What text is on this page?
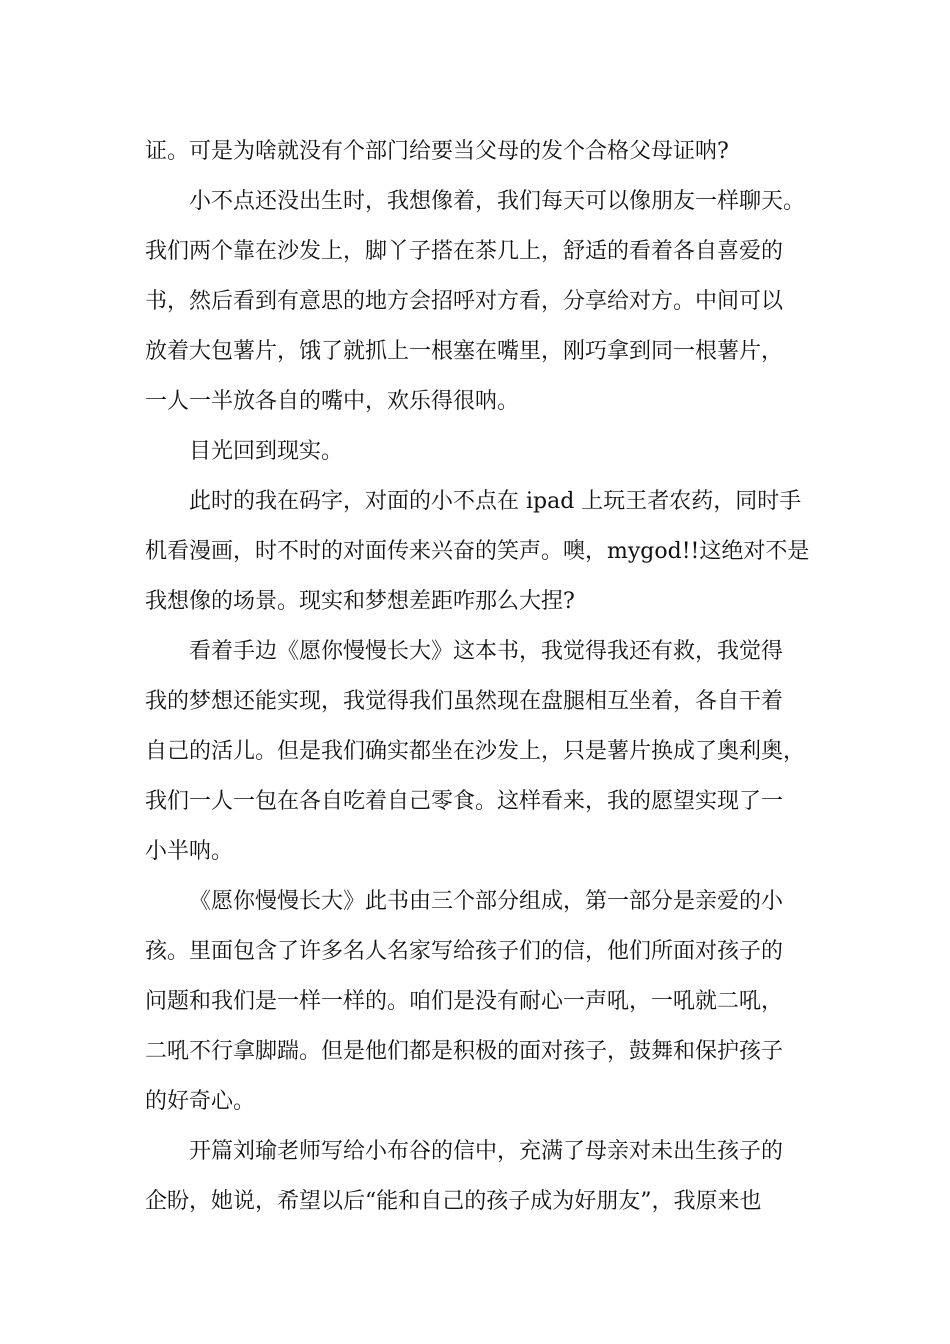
证。可是为啥就没有个部门给要当父母的发个合格父母证呐?
小不点还没出生时，我想像着，我们每天可以像朋友一样聊天。
我们两个靠在沙发上，脚丫子搭在茶几上，舒适的看着各自喜爱的
书，然后看到有意思的地方会招呼对方看，分享给对方。中间可以
放着大包薯片，饿了就抓上一根塞在嘴里，刚巧拿到同一根薯片，
一人一半放各自的嘴中，欢乐得很呐。
目光回到现实。
此时的我在码字，对面的小不点在 ipad 上玩王者农药，同时手
机看漫画，时不时的对面传来兴奋的笑声。噢，mygod!!这绝对不是
我想像的场景。现实和梦想差距咋那么大捏?
看着手边《愿你慢慢长大》这本书，我觉得我还有救，我觉得
我的梦想还能实现，我觉得我们虽然现在盘腿相互坐着，各自干着
自己的活儿。但是我们确实都坐在沙发上，只是薯片换成了奥利奥，
我们一人一包在各自吃着自己零食。这样看来，我的愿望实现了一
小半呐。
《愿你慢慢长大》此书由三个部分组成，第一部分是亲爱的小
孩。里面包含了许多名人名家写给孩子们的信，他们所面对孩子的
问题和我们是一样一样的。咱们是没有耐心一声吼，一吼就二吼，
二吼不行拿脚踹。但是他们都是积极的面对孩子，鼓舞和保护孩子
的好奇心。
开篇刘瑜老师写给小布谷的信中，充满了母亲对未出生孩子的
企盼，她说，希望以后“能和自己的孩子成为好朋友”，我原来也
